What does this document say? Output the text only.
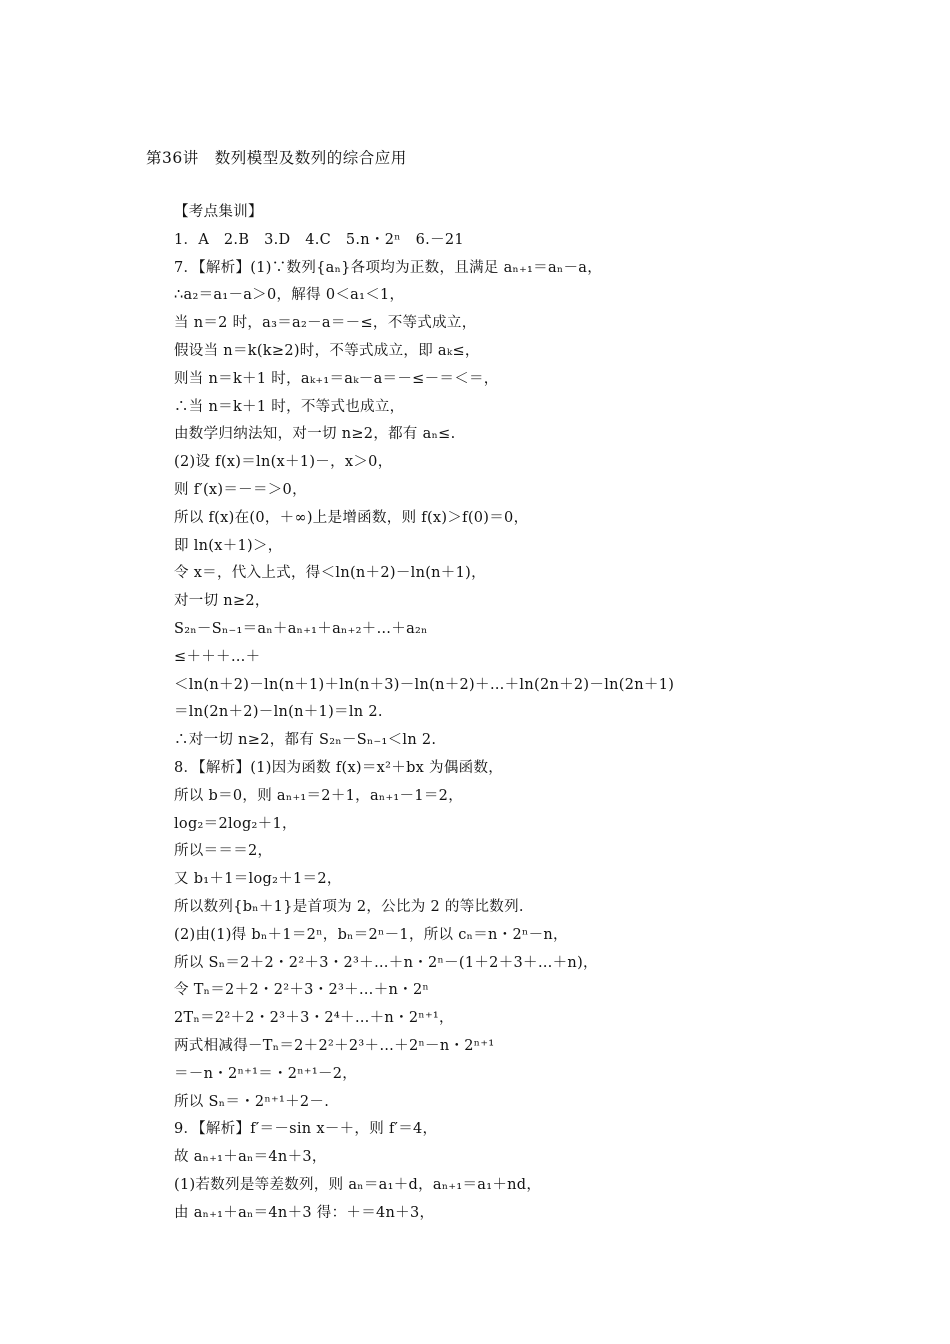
第36讲　数列模型及数列的综合应用
【考点集训】
1．A　2.B　3.D　4.C　5.n・2ⁿ　6.－21
7．【解析】(1)∵数列{aₙ}各项均为正数，且满足 aₙ₊₁＝aₙ－a，
∴a₂＝a₁－a＞0，解得 0＜a₁＜1，
当 n＝2 时，a₃＝a₂－a＝－≤，不等式成立，
假设当 n＝k(k≥2)时，不等式成立，即 aₖ≤，
则当 n＝k＋1 时，aₖ₊₁＝aₖ－a＝－≤－＝＜＝，
∴当 n＝k＋1 时，不等式也成立，
由数学归纳法知，对一切 n≥2，都有 aₙ≤.
(2)设 f(x)＝ln(x＋1)－，x＞0，
则 f′(x)＝－＝＞0，
所以 f(x)在(0，＋∞)上是增函数，则 f(x)＞f(0)＝0，
即 ln(x＋1)＞，
令 x＝，代入上式，得＜ln(n＋2)－ln(n＋1)，
对一切 n≥2，
S₂ₙ－Sₙ₋₁＝aₙ＋aₙ₊₁＋aₙ₊₂＋…＋a₂ₙ
≤＋＋＋…＋
＜ln(n＋2)－ln(n＋1)＋ln(n＋3)－ln(n＋2)＋…＋ln(2n＋2)－ln(2n＋1)
＝ln(2n＋2)－ln(n＋1)＝ln 2.
∴对一切 n≥2，都有 S₂ₙ－Sₙ₋₁＜ln 2.
8．【解析】(1)因为函数 f(x)＝x²＋bx 为偶函数，
所以 b＝0，则 aₙ₊₁＝2＋1，aₙ₊₁－1＝2，
log₂＝2log₂＋1，
所以＝＝＝2，
又 b₁＋1＝log₂＋1＝2，
所以数列{bₙ＋1}是首项为 2，公比为 2 的等比数列.
(2)由(1)得 bₙ＋1＝2ⁿ，bₙ＝2ⁿ－1，所以 cₙ＝n・2ⁿ－n，
所以 Sₙ＝2＋2・2²＋3・2³＋…＋n・2ⁿ－(1＋2＋3＋…＋n)，
令 Tₙ＝2＋2・2²＋3・2³＋…＋n・2ⁿ
2Tₙ＝2²＋2・2³＋3・2⁴＋…＋n・2ⁿ⁺¹，
两式相减得－Tₙ＝2＋2²＋2³＋…＋2ⁿ－n・2ⁿ⁺¹
＝－n・2ⁿ⁺¹＝・2ⁿ⁺¹－2，
所以 Sₙ＝・2ⁿ⁺¹＋2－.
9．【解析】f′＝－sin x－＋，则 f′＝4，
故 aₙ₊₁＋aₙ＝4n＋3，
(1)若数列是等差数列，则 aₙ＝a₁＋d，aₙ₊₁＝a₁＋nd，
由 aₙ₊₁＋aₙ＝4n＋3 得：＋＝4n＋3，
